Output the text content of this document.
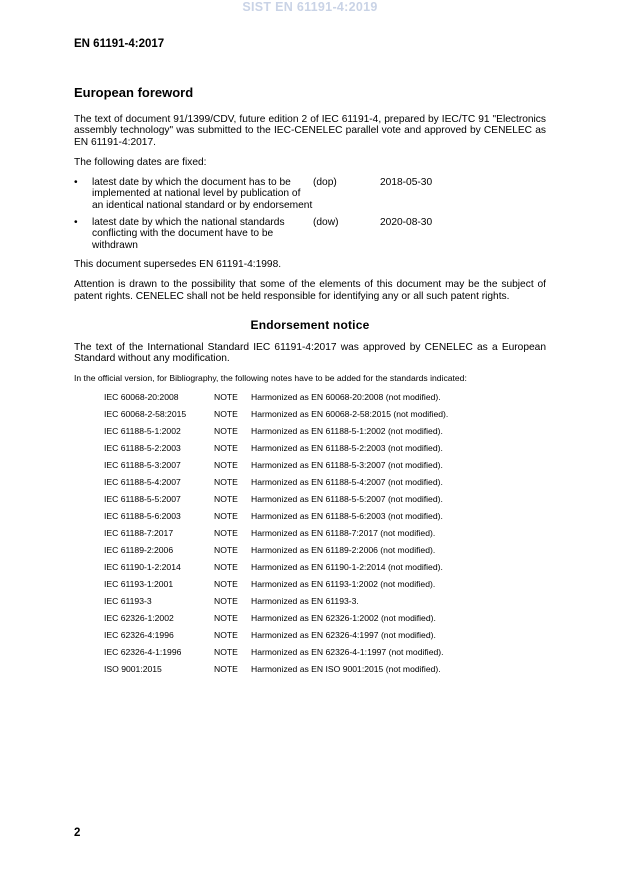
SIST EN 61191-4:2019
EN 61191-4:2017
European foreword

The text of document 91/1399/CDV, future edition 2 of IEC 61191-4, prepared by IEC/TC 91 "Electronics assembly technology" was submitted to the IEC-CENELEC parallel vote and approved by CENELEC as EN 61191-4:2017.

The following dates are fixed:

•	latest date by which the document has to be implemented at national level by publication of an identical national standard or by endorsement
(dop)	2018-05-30
•	latest date by which the national standards conflicting with the document have to be withdrawn
(dow)	2020-08-30

This document supersedes EN 61191-4:1998.

Attention is drawn to the possibility that some of the elements of this document may be the subject of patent rights. CENELEC shall not be held responsible for identifying any or all such patent rights.

Endorsement notice

The text of the International Standard IEC 61191-4:2017 was approved by CENELEC as a European Standard without any modification.

In the official version, for Bibliography, the following notes have to be added for the standards indicated:

IEC 60068-20:2008	NOTE	Harmonized as EN 60068-20:2008 (not modified).
IEC 60068-2-58:2015	NOTE	Harmonized as EN 60068-2-58:2015 (not modified).
IEC 61188-5-1:2002	NOTE	Harmonized as EN 61188-5-1:2002 (not modified).
IEC 61188-5-2:2003	NOTE	Harmonized as EN 61188-5-2:2003 (not modified).
IEC 61188-5-3:2007	NOTE	Harmonized as EN 61188-5-3:2007 (not modified).
IEC 61188-5-4:2007	NOTE	Harmonized as EN 61188-5-4:2007 (not modified).
IEC 61188-5-5:2007	NOTE	Harmonized as EN 61188-5-5:2007 (not modified).
IEC 61188-5-6:2003	NOTE	Harmonized as EN 61188-5-6:2003 (not modified).
IEC 61188-7:2017	NOTE	Harmonized as EN 61188-7:2017 (not modified).
IEC 61189-2:2006	NOTE	Harmonized as EN 61189-2:2006 (not modified).
IEC 61190-1-2:2014	NOTE	Harmonized as EN 61190-1-2:2014 (not modified).
IEC 61193-1:2001	NOTE	Harmonized as EN 61193-1:2002 (not modified).
IEC 61193-3	NOTE	Harmonized as EN 61193-3.
IEC 62326-1:2002	NOTE	Harmonized as EN 62326-1:2002 (not modified).
IEC 62326-4:1996	NOTE	Harmonized as EN 62326-4:1997 (not modified).
IEC 62326-4-1:1996	NOTE	Harmonized as EN 62326-4-1:1997 (not modified).
ISO 9001:2015	NOTE	Harmonized as EN ISO 9001:2015 (not modified).
2
